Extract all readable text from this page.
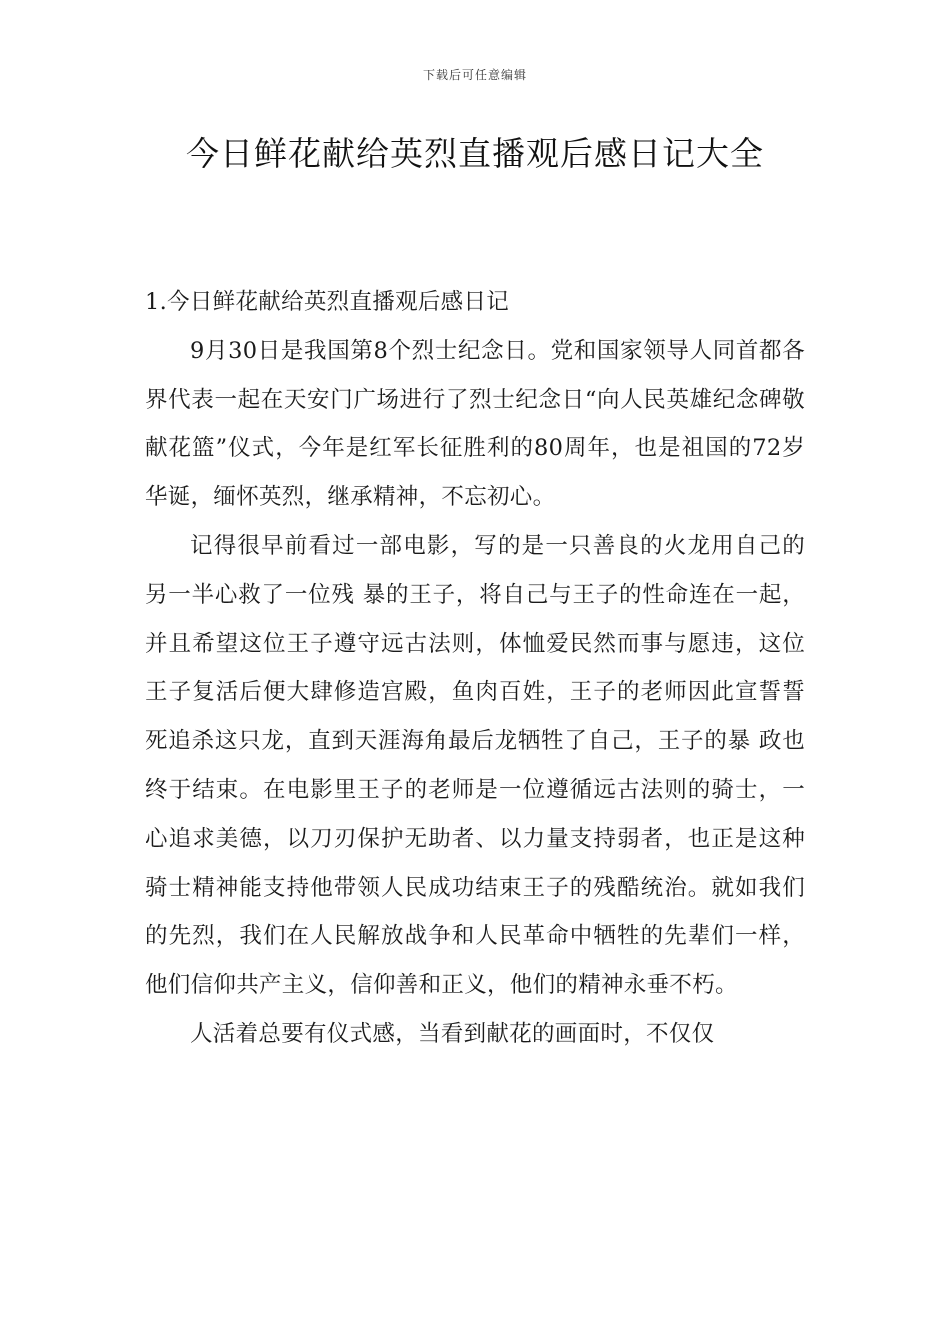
下载后可任意编辑
今日鲜花献给英烈直播观后感日记大全

1.今日鲜花献给英烈直播观后感日记

9月30日是我国第8个烈士纪念日。党和国家领导人同首都各界代表一起在天安门广场进行了烈士纪念日“向人民英雄纪念碑敬献花篮”仪式，今年是红军长征胜利的80周年，也是祖国的72岁华诞，缅怀英烈，继承精神，不忘初心。

记得很早前看过一部电影，写的是一只善良的火龙用自己的另一半心救了一位残 暴的王子，将自己与王子的性命连在一起，并且希望这位王子遵守远古法则，体恤爱民然而事与愿违，这位王子复活后便大肆修造宫殿，鱼肉百姓，王子的老师因此宣誓誓死追杀这只龙，直到天涯海角最后龙牺牲了自己，王子的暴 政也终于结束。在电影里王子的老师是一位遵循远古法则的骑士，一心追求美德，以刀刃保护无助者、以力量支持弱者，也正是这种骑士精神能支持他带领人民成功结束王子的残酷统治。就如我们的先烈，我们在人民解放战争和人民革命中牺牲的先辈们一样，他们信仰共产主义，信仰善和正义，他们的精神永垂不朽。

人活着总要有仪式感，当看到献花的画面时，不仅仅
